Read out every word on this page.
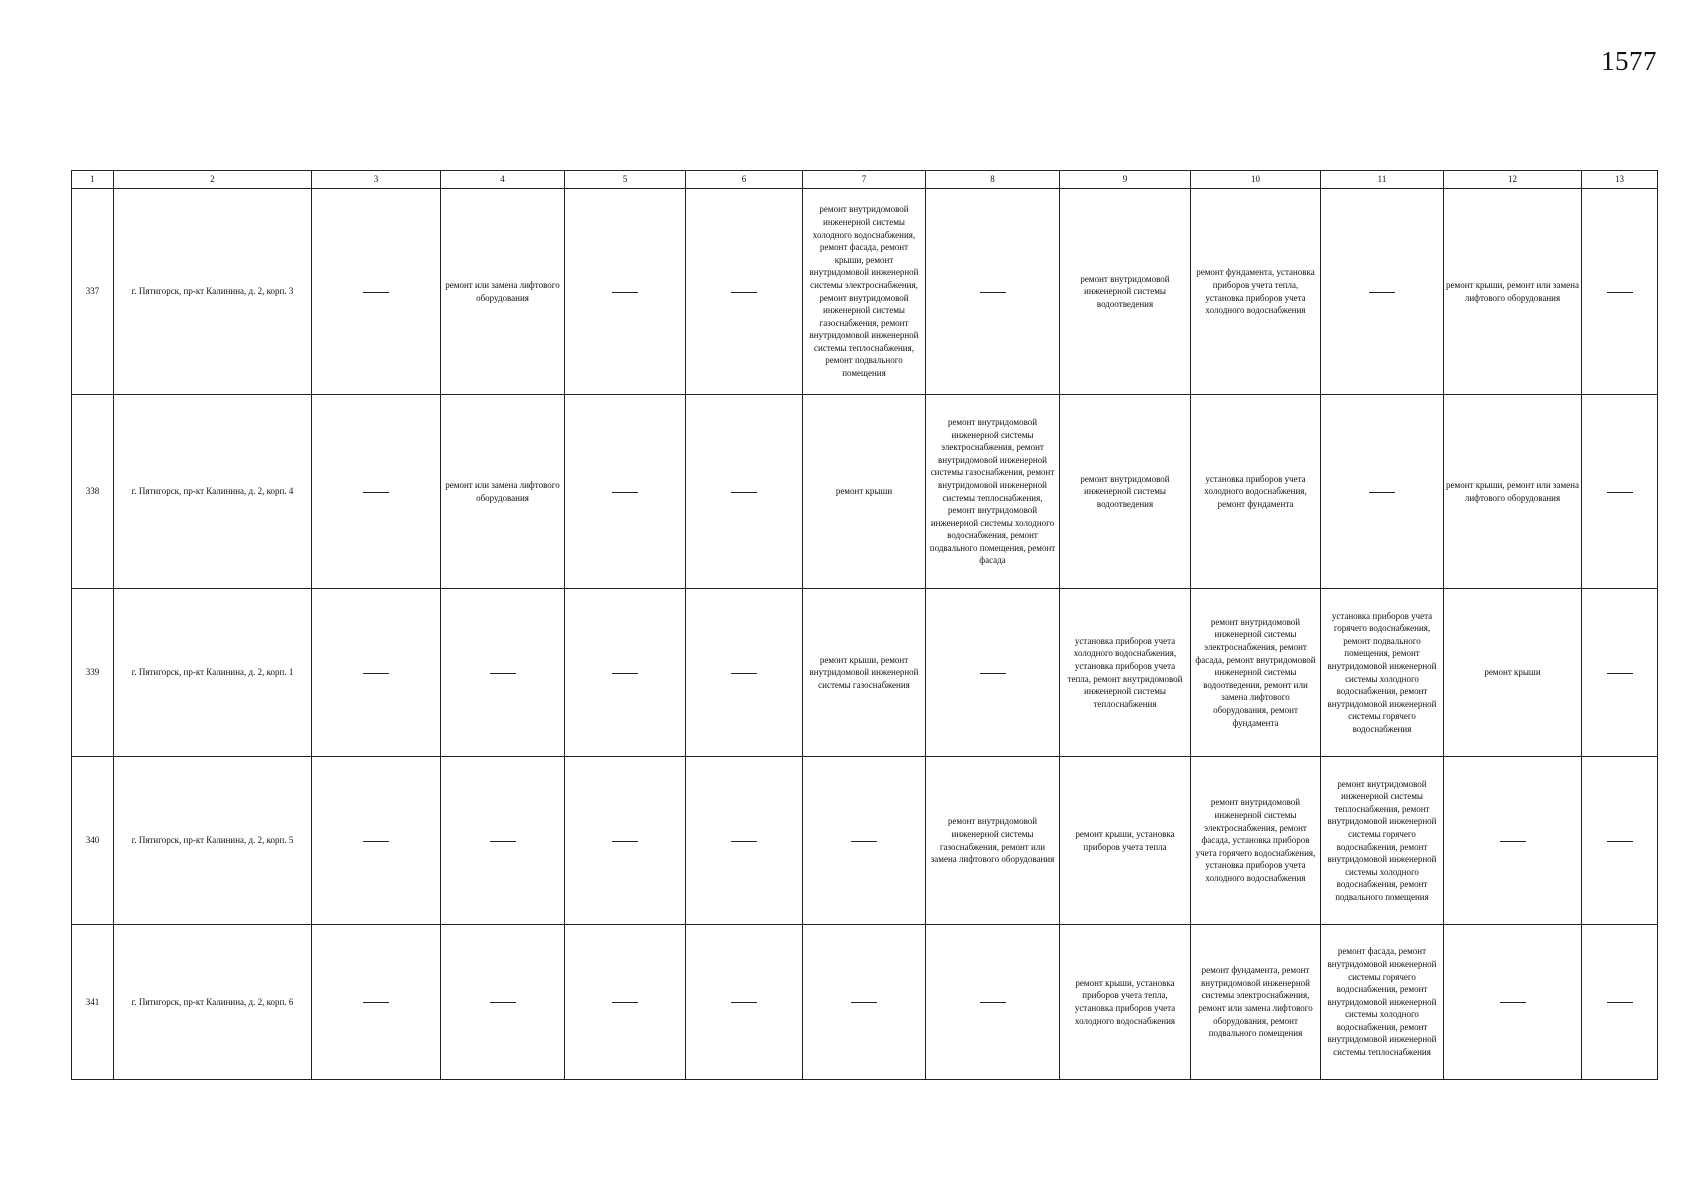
1577
1	2	3	4	5	6	7	8	9	10	11	12	13
337	г. Пятигорск, пр-кт Калинина, д. 2, корп. 3		ремонт или замена лифтового оборудования			ремонт внутридомовой инженерной системы холодного водоснабжения, ремонт фасада, ремонт крыши, ремонт внутридомовой инженерной системы электроснабжения, ремонт внутридомовой инженерной системы газоснабжения, ремонт внутридомовой инженерной системы теплоснабжения, ремонт подвального помещения		ремонт внутридомовой инженерной системы водоотведения	ремонт фундамента, установка приборов учета тепла, установка приборов учета холодного водоснабжения		ремонт крыши, ремонт или замена лифтового оборудования	
338	г. Пятигорск, пр-кт Калинина, д. 2, корп. 4		ремонт или замена лифтового оборудования			ремонт крыши	ремонт внутридомовой инженерной системы электроснабжения, ремонт внутридомовой инженерной системы газоснабжения, ремонт внутридомовой инженерной системы теплоснабжения, ремонт внутридомовой инженерной системы холодного водоснабжения, ремонт подвального помещения, ремонт фасада	ремонт внутридомовой инженерной системы водоотведения	установка приборов учета холодного водоснабжения, ремонт фундамента		ремонт крыши, ремонт или замена лифтового оборудования	
339	г. Пятигорск, пр-кт Калинина, д. 2, корп. 1					ремонт крыши, ремонт внутридомовой инженерной системы газоснабжения		установка приборов учета холодного водоснабжения, установка приборов учета тепла, ремонт внутридомовой инженерной системы теплоснабжения	ремонт внутридомовой инженерной системы электроснабжения, ремонт фасада, ремонт внутридомовой инженерной системы водоотведения, ремонт или замена лифтового оборудования, ремонт фундамента	установка приборов учета горячего водоснабжения, ремонт подвального помещения, ремонт внутридомовой инженерной системы холодного водоснабжения, ремонт внутридомовой инженерной системы горячего водоснабжения	ремонт крыши	
340	г. Пятигорск, пр-кт Калинина, д. 2, корп. 5						ремонт внутридомовой инженерной системы газоснабжения, ремонт или замена лифтового оборудования	ремонт крыши, установка приборов учета тепла	ремонт внутридомовой инженерной системы электроснабжения, ремонт фасада, установка приборов учета горячего водоснабжения, установка приборов учета холодного водоснабжения	ремонт внутридомовой инженерной системы теплоснабжения, ремонт внутридомовой инженерной системы горячего водоснабжения, ремонт внутридомовой инженерной системы холодного водоснабжения, ремонт подвального помещения		
341	г. Пятигорск, пр-кт Калинина, д. 2, корп. 6							ремонт крыши, установка приборов учета тепла, установка приборов учета холодного водоснабжения	ремонт фундамента, ремонт внутридомовой инженерной системы электроснабжения, ремонт или замена лифтового оборудования, ремонт подвального помещения	ремонт фасада, ремонт внутридомовой инженерной системы горячего водоснабжения, ремонт внутридомовой инженерной системы холодного водоснабжения, ремонт внутридомовой инженерной системы теплоснабжения		
